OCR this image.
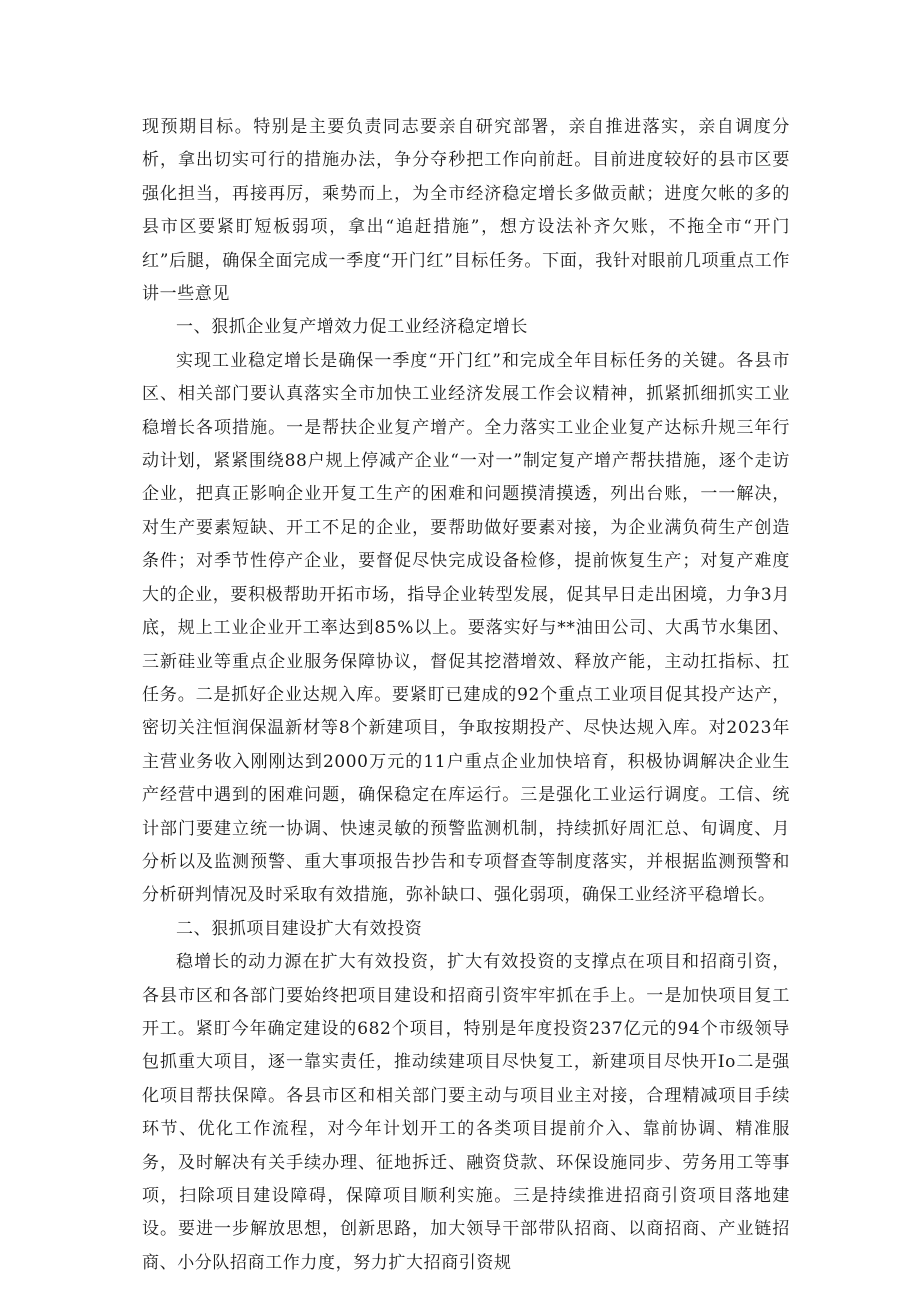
现预期目标。特别是主要负责同志要亲自研究部署，亲自推进落实，亲自调度分析，拿出切实可行的措施办法，争分夺秒把工作向前赶。目前进度较好的县市区要强化担当，再接再厉，乘势而上，为全市经济稳定增长多做贡献；进度欠帐的多的县市区要紧盯短板弱项，拿出“追赶措施”，想方设法补齐欠账，不拖全市“开门红”后腿，确保全面完成一季度“开门红”目标任务。下面，我针对眼前几项重点工作讲一些意见

一、狠抓企业复产增效力促工业经济稳定增长

实现工业稳定增长是确保一季度“开门红”和完成全年目标任务的关键。各县市区、相关部门要认真落实全市加快工业经济发展工作会议精神，抓紧抓细抓实工业稳增长各项措施。一是帮扶企业复产增产。全力落实工业企业复产达标升规三年行动计划，紧紧围绕88户规上停减产企业“一对一”制定复产增产帮扶措施，逐个走访企业，把真正影响企业开复工生产的困难和问题摸清摸透，列出台账，一一解决，对生产要素短缺、开工不足的企业，要帮助做好要素对接，为企业满负荷生产创造条件；对季节性停产企业，要督促尽快完成设备检修，提前恢复生产；对复产难度大的企业，要积极帮助开拓市场，指导企业转型发展，促其早日走出困境，力争3月底，规上工业企业开工率达到85%以上。要落实好与**油田公司、大禹节水集团、三新硅业等重点企业服务保障协议，督促其挖潜增效、释放产能，主动扛指标、扛任务。二是抓好企业达规入库。要紧盯已建成的92个重点工业项目促其投产达产，密切关注恒润保温新材等8个新建项目，争取按期投产、尽快达规入库。对2023年主营业务收入刚刚达到2000万元的11户重点企业加快培育，积极协调解决企业生产经营中遇到的困难问题，确保稳定在库运行。三是强化工业运行调度。工信、统计部门要建立统一协调、快速灵敏的预警监测机制，持续抓好周汇总、旬调度、月分析以及监测预警、重大事项报告抄告和专项督查等制度落实，并根据监测预警和分析研判情况及时采取有效措施，弥补缺口、强化弱项，确保工业经济平稳增长。

二、狠抓项目建设扩大有效投资

稳增长的动力源在扩大有效投资，扩大有效投资的支撑点在项目和招商引资，各县市区和各部门要始终把项目建设和招商引资牢牢抓在手上。一是加快项目复工开工。紧盯今年确定建设的682个项目，特别是年度投资237亿元的94个市级领导包抓重大项目，逐一靠实责任，推动续建项目尽快复工，新建项目尽快开Io二是强化项目帮扶保障。各县市区和相关部门要主动与项目业主对接，合理精减项目手续环节、优化工作流程，对今年计划开工的各类项目提前介入、靠前协调、精准服务，及时解决有关手续办理、征地拆迁、融资贷款、环保设施同步、劳务用工等事项，扫除项目建设障碍，保障项目顺利实施。三是持续推进招商引资项目落地建设。要进一步解放思想，创新思路，加大领导干部带队招商、以商招商、产业链招商、小分队招商工作力度，努力扩大招商引资规
